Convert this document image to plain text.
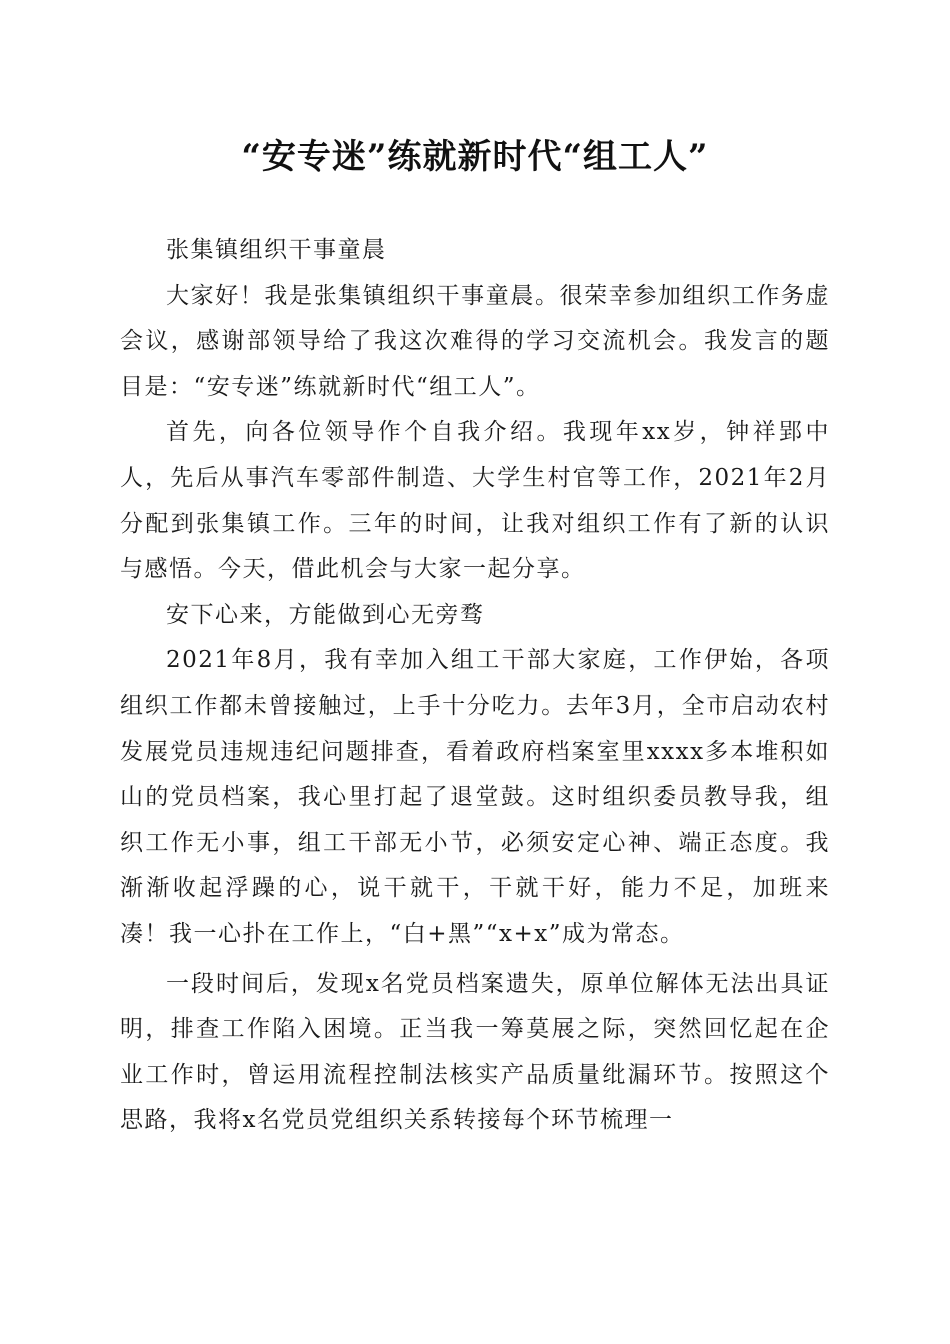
“安专迷”练就新时代“组工人”

张集镇组织干事童晨

大家好！我是张集镇组织干事童晨。很荣幸参加组织工作务虚会议，感谢部领导给了我这次难得的学习交流机会。我发言的题目是：“安专迷”练就新时代“组工人”。

首先，向各位领导作个自我介绍。我现年xx岁，钟祥郢中人，先后从事汽车零部件制造、大学生村官等工作，2021年2月分配到张集镇工作。三年的时间，让我对组织工作有了新的认识与感悟。今天，借此机会与大家一起分享。

安下心来，方能做到心无旁骛

2021年8月，我有幸加入组工干部大家庭，工作伊始，各项组织工作都未曾接触过，上手十分吃力。去年3月，全市启动农村发展党员违规违纪问题排查，看着政府档案室里xxxx多本堆积如山的党员档案，我心里打起了退堂鼓。这时组织委员教导我，组织工作无小事，组工干部无小节，必须安定心神、端正态度。我渐渐收起浮躁的心，说干就干，干就干好，能力不足，加班来凑！我一心扑在工作上，“白+黑”“x+x”成为常态。

一段时间后，发现x名党员档案遗失，原单位解体无法出具证明，排查工作陷入困境。正当我一筹莫展之际，突然回忆起在企业工作时，曾运用流程控制法核实产品质量纰漏环节。按照这个思路，我将x名党员党组织关系转接每个环节梳理一
